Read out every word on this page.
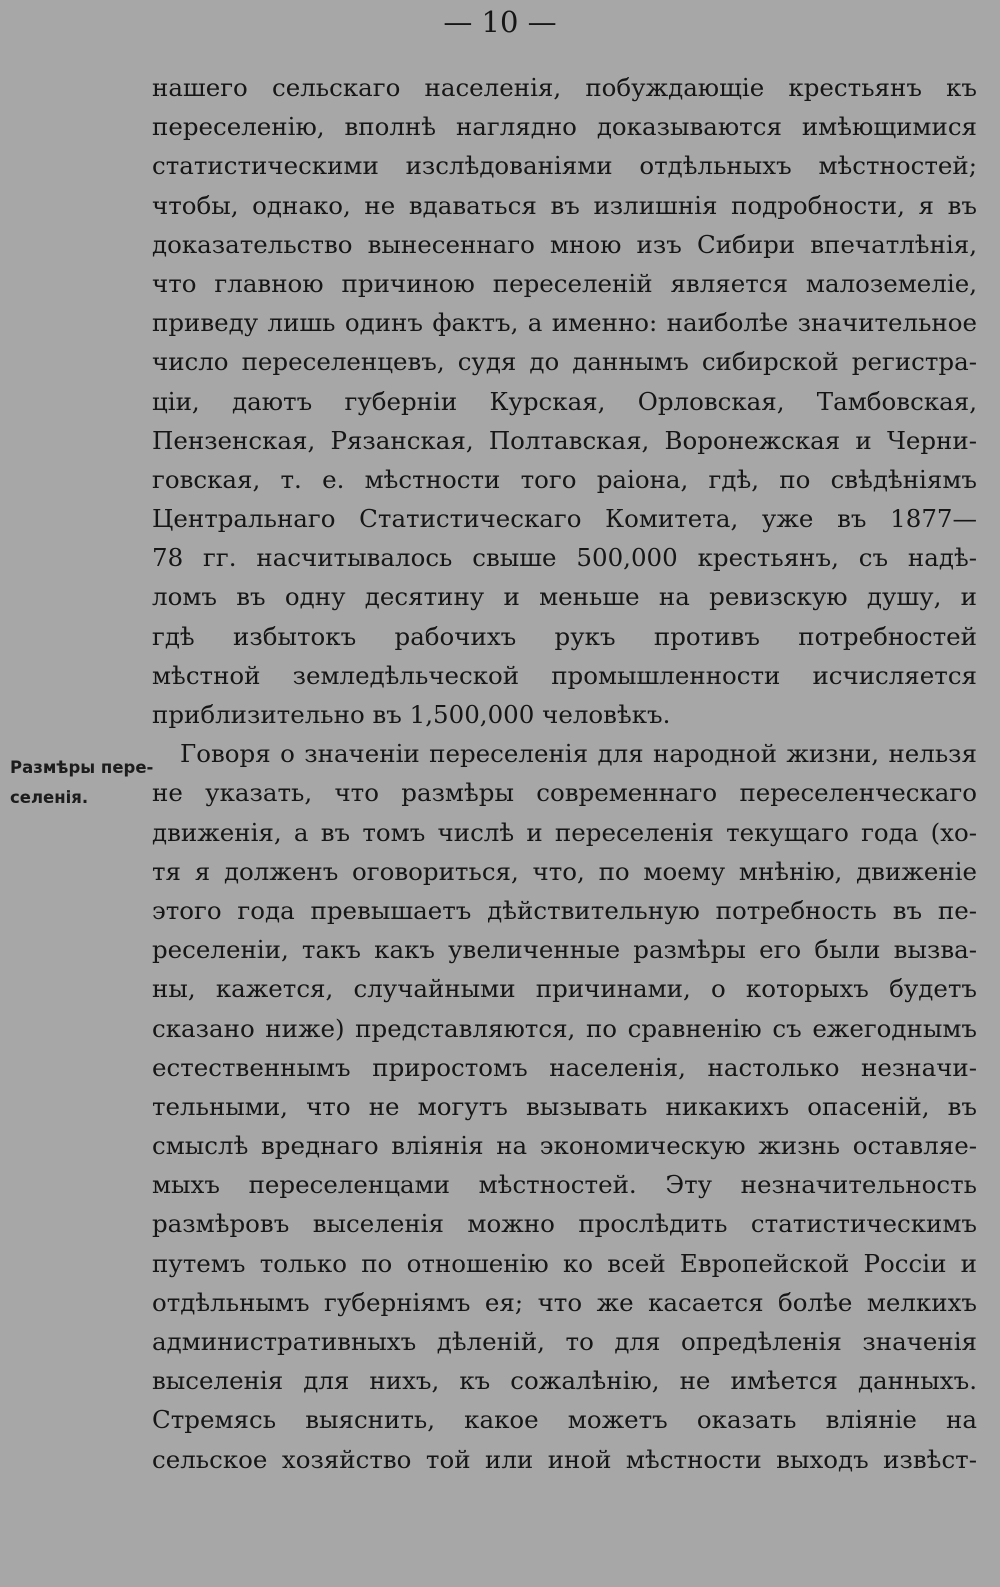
— 10 —
Размѣры пере-
селенія.
нашего сельскаго населенія, побуждающіе крестьянъ къ
переселенію, вполнѣ наглядно доказываются имѣющимися
статистическими изслѣдованіями отдѣльныхъ мѣстностей;
чтобы, однако, не вдаваться въ излишнія подробности, я въ
доказательство вынесеннаго мною изъ Сибири впечатлѣнія,
что главною причиною переселеній является малоземеліе,
приведу лишь одинъ фактъ, а именно: наиболѣе значительное
число переселенцевъ, судя до даннымъ сибирской регистра-
ціи, даютъ губерніи Курская, Орловская, Тамбовская,
Пензенская, Рязанская, Полтавская, Воронежская и Черни-
говская, т. е. мѣстности того раіона, гдѣ, по свѣдѣніямъ
Центральнаго Статистическаго Комитета, уже въ 1877—
78 гг. насчитывалось свыше 500,000 крестьянъ, съ надѣ-
ломъ въ одну десятину и меньше на ревизскую душу, и
гдѣ избытокъ рабочихъ рукъ противъ потребностей
мѣстной земледѣльческой промышленности исчисляется
приблизительно въ 1,500,000 человѣкъ.
Говоря о значеніи переселенія для народной жизни, нельзя
не указать, что размѣры современнаго переселенческаго
движенія, а въ томъ числѣ и переселенія текущаго года (хо-
тя я долженъ оговориться, что, по моему мнѣнію, движеніе
этого года превышаетъ дѣйствительную потребность въ пе-
реселеніи, такъ какъ увеличенные размѣры его были вызва-
ны, кажется, случайными причинами, о которыхъ будетъ
сказано ниже) представляются, по сравненію съ ежегоднымъ
естественнымъ приростомъ населенія, настолько незначи-
тельными, что не могутъ вызывать никакихъ опасеній, въ
смыслѣ вреднаго вліянія на экономическую жизнь оставляе-
мыхъ переселенцами мѣстностей. Эту незначительность
размѣровъ выселенія можно прослѣдить статистическимъ
путемъ только по отношенію ко всей Европейской Россіи и
отдѣльнымъ губерніямъ ея; что же касается болѣе мелкихъ
административныхъ дѣленій, то для опредѣленія значенія
выселенія для нихъ, къ сожалѣнію, не имѣется данныхъ.
Стремясь выяснить, какое можетъ оказать вліяніе на
сельское хозяйство той или иной мѣстности выходъ извѣст-
